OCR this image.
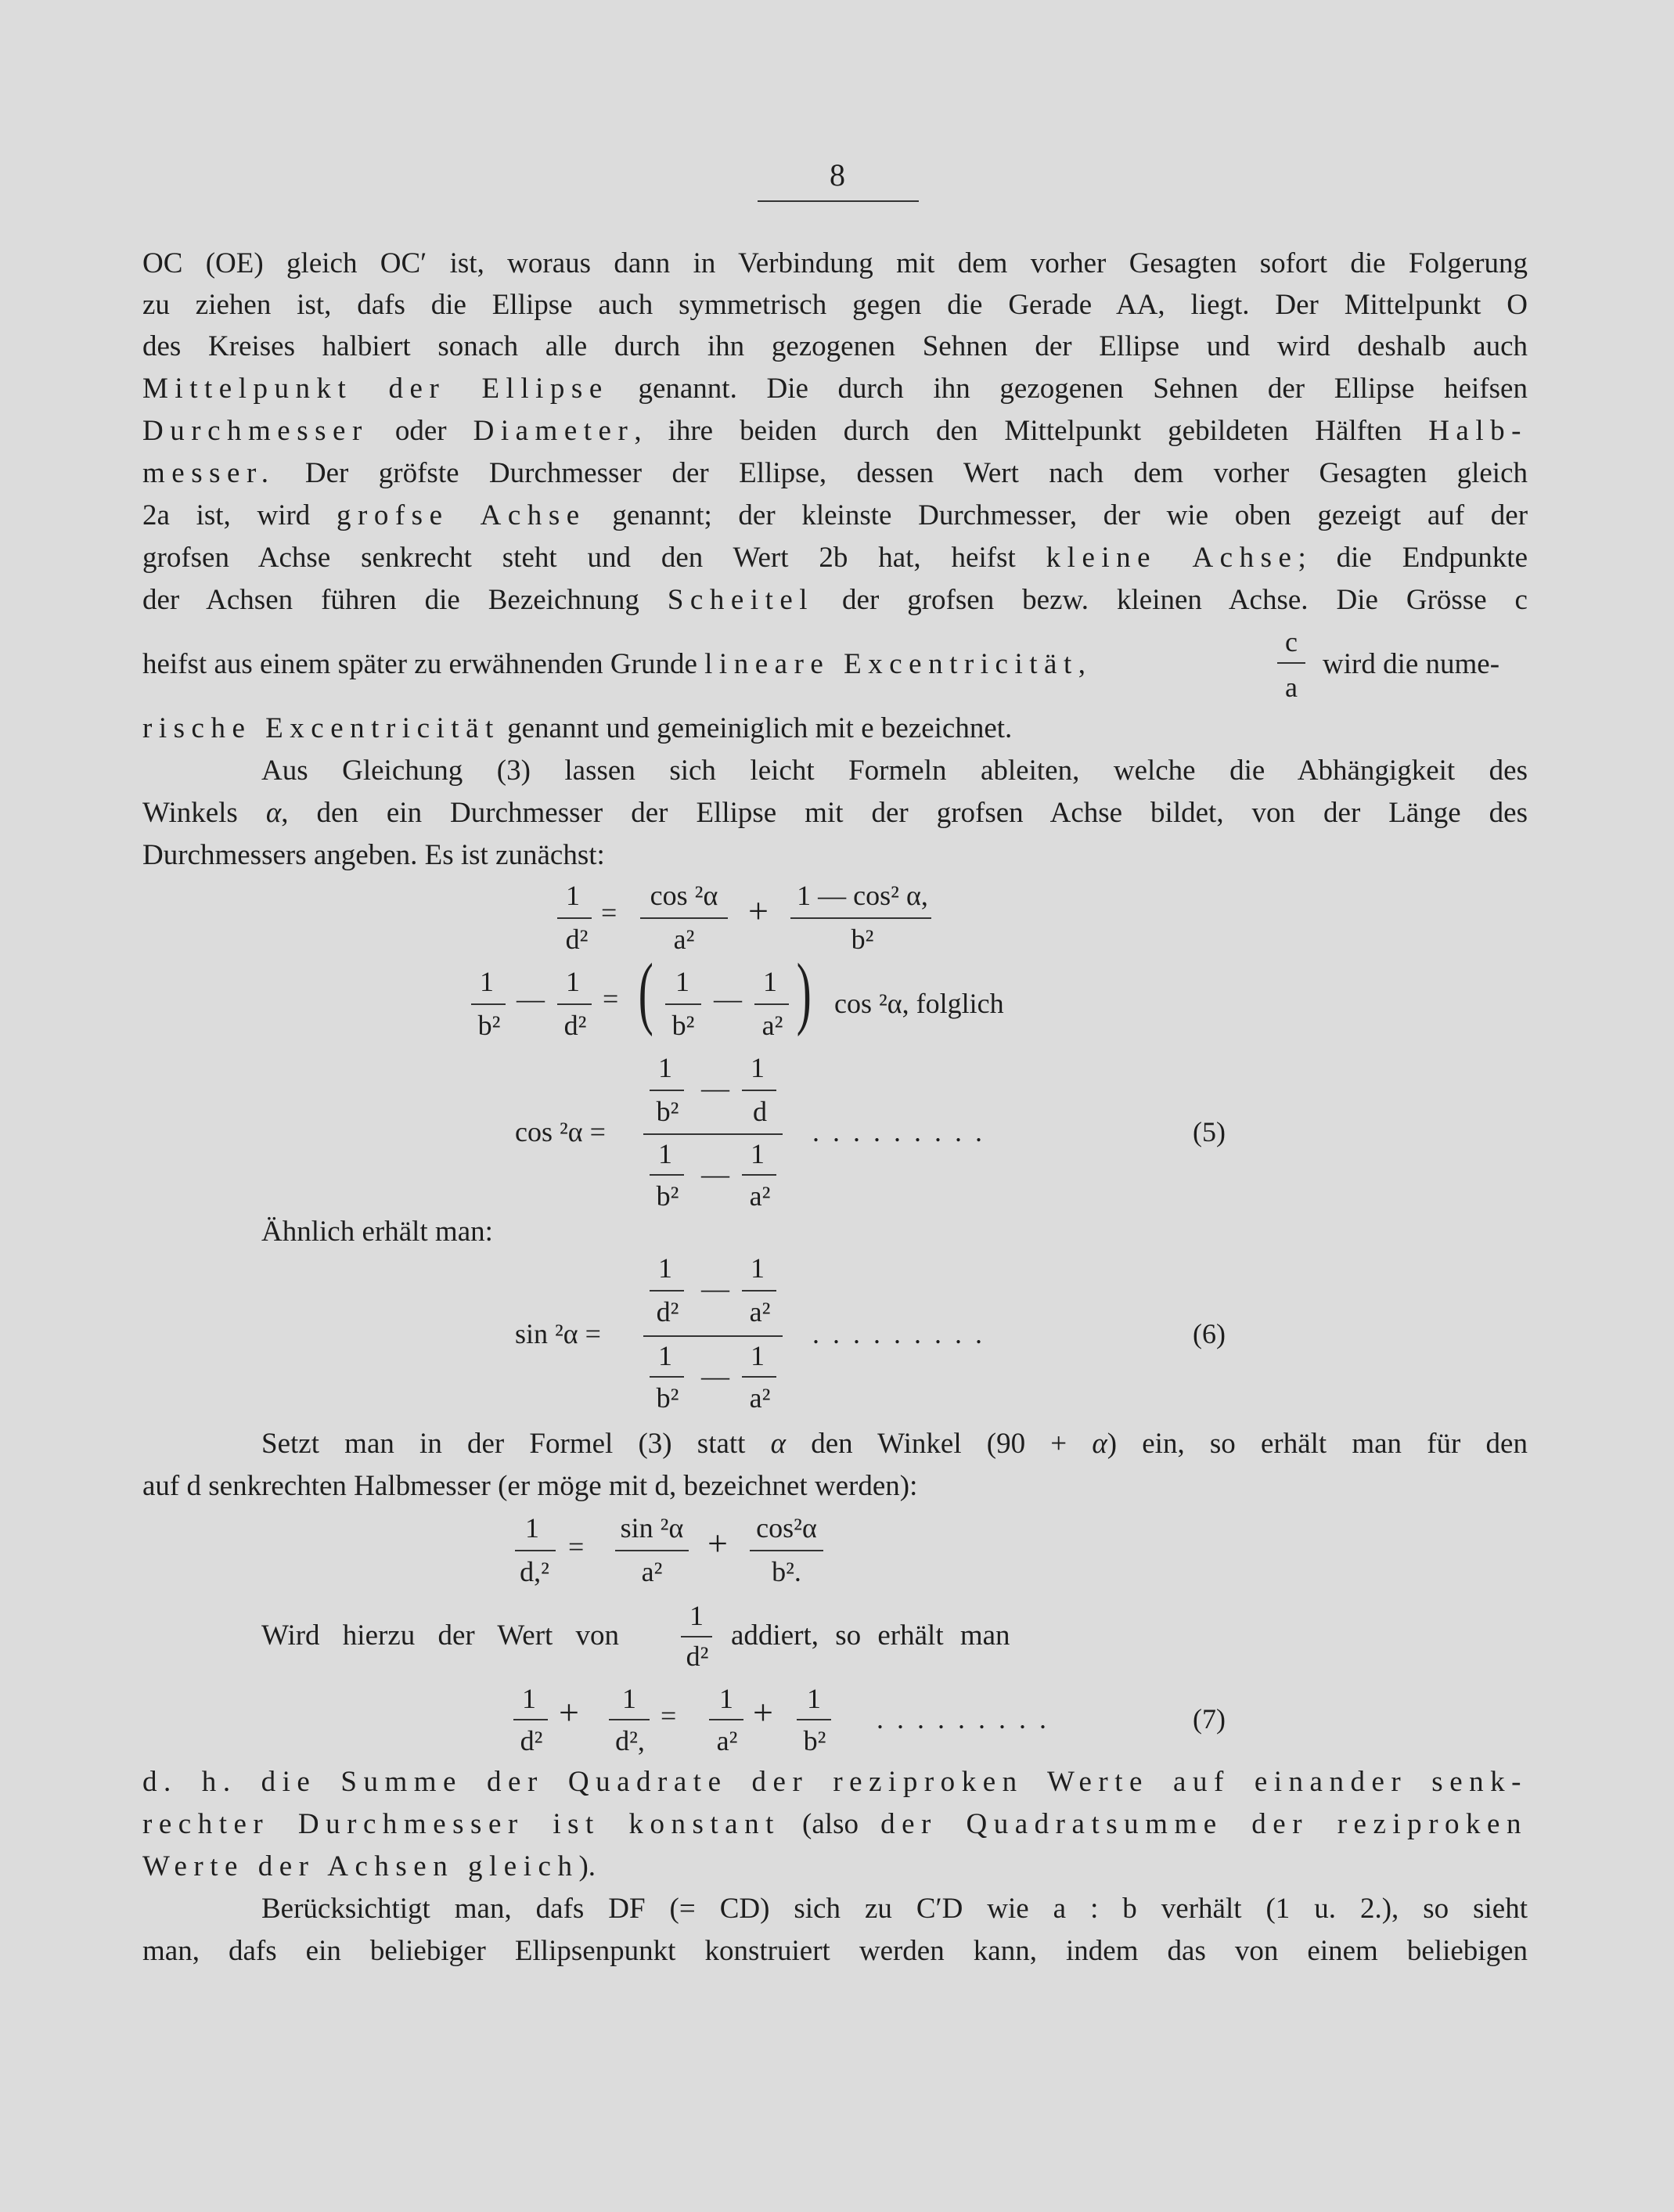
8
OC (OE) gleich OC′ ist, woraus dann in Verbindung mit dem vorher Gesagten sofort die Folgerung
zu ziehen ist, dafs die Ellipse auch symmetrisch gegen die Gerade AA, liegt. Der Mittelpunkt O
des Kreises halbiert sonach alle durch ihn gezogenen Sehnen der Ellipse und wird deshalb auch
Mittelpunkt der Ellipse genannt. Die durch ihn gezogenen Sehnen der Ellipse heifsen
Durchmesser oder Diameter, ihre beiden durch den Mittelpunkt gebildeten Hälften Halb-
messer. Der gröfste Durchmesser der Ellipse, dessen Wert nach dem vorher Gesagten gleich
2a ist, wird grofse Achse genannt; der kleinste Durchmesser, der wie oben gezeigt auf der
grofsen Achse senkrecht steht und den Wert 2b hat, heifst kleine Achse; die Endpunkte
der Achsen führen die Bezeichnung Scheitel der grofsen bezw. kleinen Achse. Die Grösse c
heifst aus einem später zu erwähnenden Grunde lineare Excentricität,
c
a
wird die nume-
rische Excentricität genannt und gemeiniglich mit e bezeichnet.
Aus Gleichung (3) lassen sich leicht Formeln ableiten, welche die Abhängigkeit des
Winkels α, den ein Durchmesser der Ellipse mit der grofsen Achse bildet, von der Länge des
Durchmessers angeben. Es ist zunächst:
1
d²
=
cos ²α
a²
+	1 — cos² α,
b²
1
b²
—
1
d²
= ( 1
b²
—
1
a² ) cos ²α, folglich
1
b²
—
1
d
cos ²α =
1
b²
—
1
a²
.........	(5)
Ähnlich erhält man:
1
d²
—
1
a²
sin ²α =
1
b²
—
1
a²
.........	(6)
Setzt man in der Formel (3) statt α den Winkel (90 + α) ein, so erhält man für den
auf d senkrechten Halbmesser (er möge mit d, bezeichnet werden):
1
d,²
=
sin ²α
a²
+	cos²α
b².
Wird hierzu der Wert von
1
d²
addiert, so erhält man
1
d²
+	1
d²,
=
1
a²
+	1
b²
.........	(7)
d. h. die Summe der Quadrate der reziproken Werte auf einander senk-
rechter Durchmesser ist konstant (also der Quadratsumme der reziproken
Werte der Achsen gleich).
Berücksichtigt man, dafs DF (= CD) sich zu C′D wie a : b verhält (1 u. 2.), so sieht
man, dafs ein beliebiger Ellipsenpunkt konstruiert werden kann, indem das von einem beliebigen
